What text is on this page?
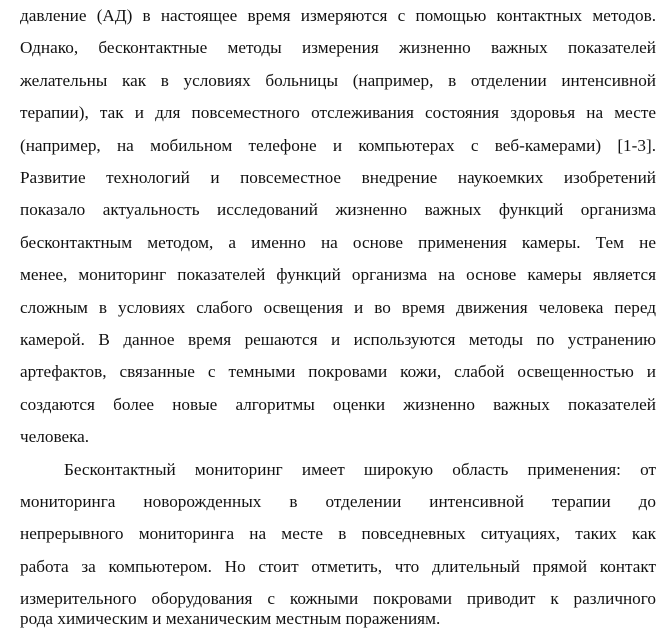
давление (АД) в настоящее время измеряются с помощью контактных методов.
Однако, бесконтактные методы измерения жизненно важных показателей
желательны как в условиях больницы (например, в отделении интенсивной
терапии), так и для повсеместного отслеживания состояния здоровья на месте
(например, на мобильном телефоне и компьютерах с веб-камерами) [1-3].
Развитие технологий и повсеместное внедрение наукоемких изобретений
показало актуальность исследований жизненно важных функций организма
бесконтактным методом, а именно на основе применения камеры. Тем не
менее, мониторинг показателей функций организма на основе камеры является
сложным в условиях слабого освещения и во время движения человека перед
камерой. В данное время решаются и используются методы по устранению
артефактов, связанные с темными покровами кожи, слабой освещенностью и
создаются более новые алгоритмы оценки жизненно важных показателей
человека.
Бесконтактный мониторинг имеет широкую область применения: от
мониторинга новорожденных в отделении интенсивной терапии до
непрерывного мониторинга на месте в повседневных ситуациях, таких как
работа за компьютером. Но стоит отметить, что длительный прямой контакт
измерительного оборудования с кожными покровами приводит к различного
рода химическим и механическим местным поражениям.
